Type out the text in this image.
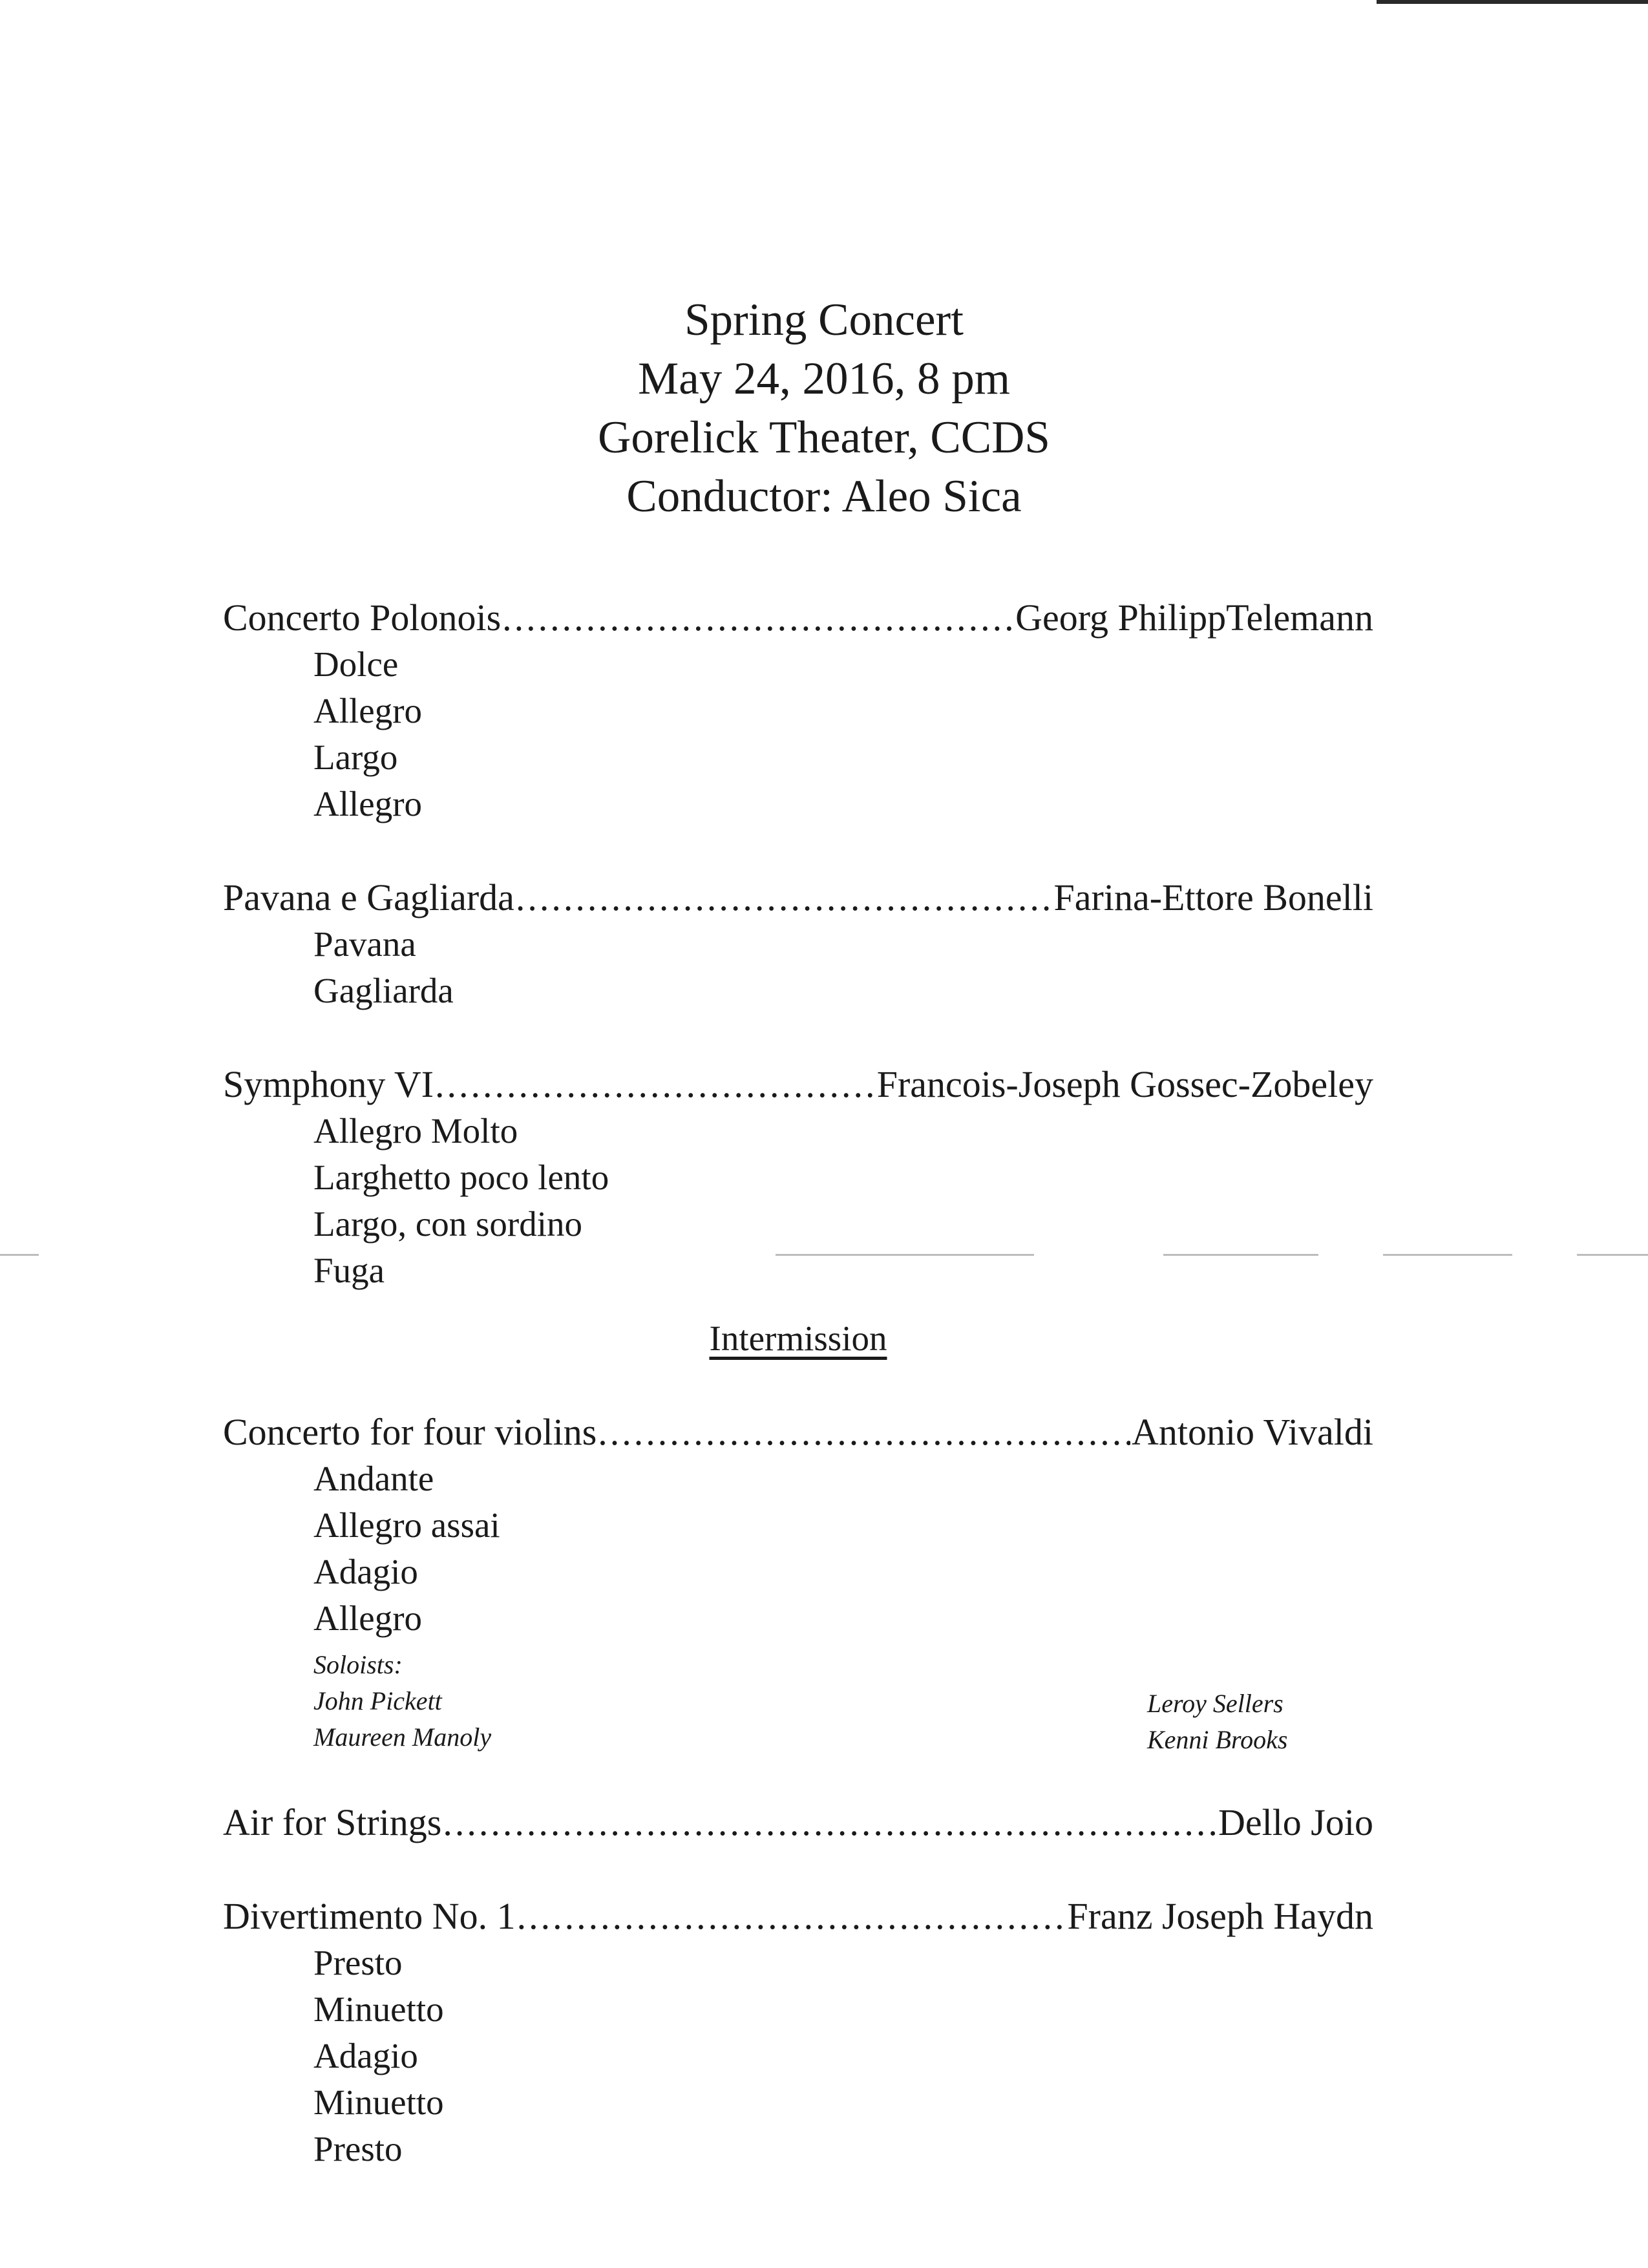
Spring Concert
May 24, 2016, 8 pm
Gorelick Theater, CCDS
Conductor: Aleo Sica
Concerto Polonois .....	Georg PhilippTelemann
Dolce
Allegro
Largo
Allegro
Pavana e Gagliarda .....	Farina-Ettore Bonelli
Pavana
Gagliarda
Symphony VI .....	Francois-Joseph Gossec-Zobeley
Allegro Molto
Larghetto poco lento
Largo, con sordino
Fuga
Intermission
Concerto for four violins .....	Antonio Vivaldi
Andante
Allegro assai
Adagio
Allegro
Soloists:
John Pickett
Maureen Manoly
Leroy Sellers
Kenni Brooks
Air for Strings .....	Dello Joio
Divertimento No. 1 .....	Franz Joseph Haydn
Presto
Minuetto
Adagio
Minuetto
Presto
